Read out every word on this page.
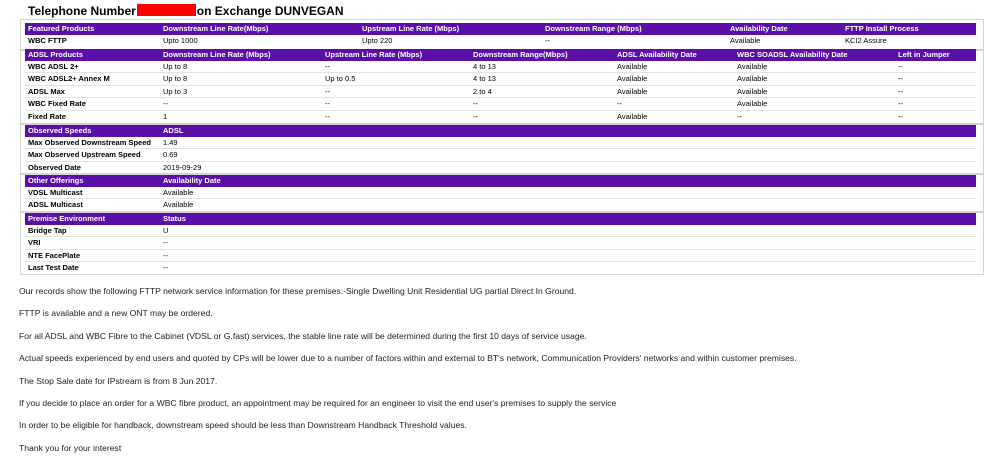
Telephone Number	on Exchange DUNVEGAN
Featured Products	Downstream Line Rate(Mbps)	Upstream Line Rate (Mbps)	Downstream Range (Mbps)	Availability Date	FTTP Install Process
WBC FTTP	Upto 1000	Upto 220	--	Available	KCI2 Assure
ADSL Products	Downstream Line Rate (Mbps)	Upstream Line Rate (Mbps)	Downstream Range(Mbps)	ADSL Availability Date	WBC SOADSL Availability Date	Left in Jumper
WBC ADSL 2+	Up to 8	--	4 to 13	Available	Available	--
WBC ADSL2+ Annex M	Up to 8	Up to 0.5	4 to 13	Available	Available	--
ADSL Max	Up to 3	--	2 to 4	Available	Available	--
WBC Fixed Rate	--	--	--	--	Available	--
Fixed Rate	1	--	--	Available	--	--
Observed Speeds	ADSL
Max Observed Downstream Speed 1.49
Max Observed Upstream Speed	0.69
Observed Date	2019-09-29
Other Offerings	Availability Date
VDSL Multicast	Available
ADSL Multicast	Available
Premise Environment	Status
Bridge Tap	U
VRI	--
NTE FacePlate	--
Last Test Date	--

Our records show the following FTTP network service information for these premises:-Single Dwelling Unit Residential UG partial Direct In Ground.

FTTP is available and a new ONT may be ordered.

For all ADSL and WBC Fibre to the Cabinet (VDSL or G.fast) services, the stable line rate will be determined during the first 10 days of service usage.

Actual speeds experienced by end users and quoted by CPs will be lower due to a number of factors within and external to BT's network, Communication Providers' networks and within customer premises.

The Stop Sale date for IPstream is from 8 Jun 2017.

If you decide to place an order for a WBC fibre product, an appointment may be required for an engineer to visit the end user's premises to supply the service

In order to be eligible for handback, downstream speed should be less than Downstream Handback Threshold values.

Thank you for your interest
